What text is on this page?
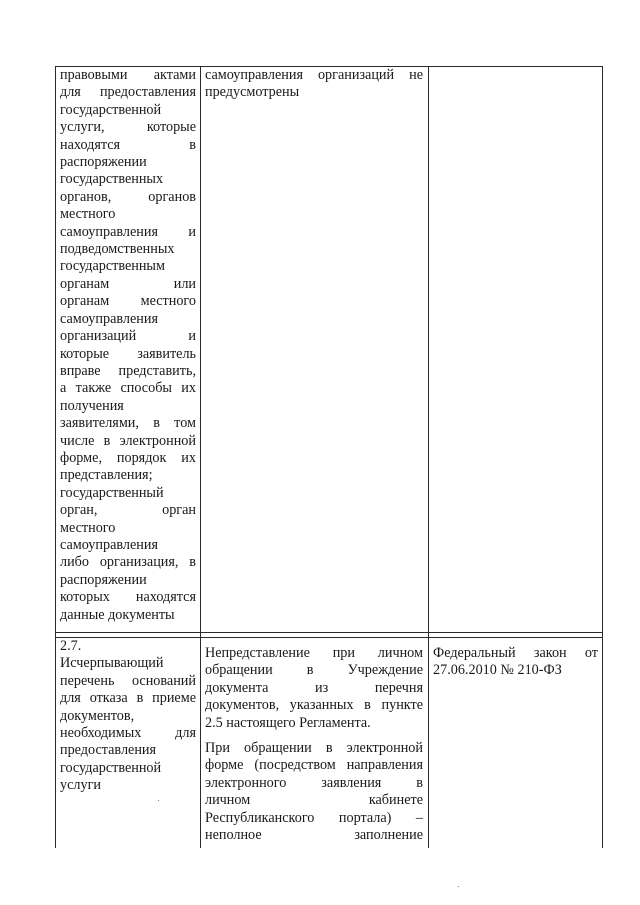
правовыми актами

для предоставления

государственной

услуги, которые

находятся в

распоряжении

государственных

органов, органов

местного

самоуправления и

подведомственных

государственным

органам или

органам местного

самоуправления

организаций и

которые заявитель

вправе представить,

а также способы их

получения

заявителями, в том

числе в электронной

форме, порядок их

представления;

государственный

орган, орган

местного

самоуправления

либо организация, в

распоряжении

которых находятся

данные документы

самоуправления организаций не

предусмотрены

2.7.

Исчерпывающий

перечень оснований

для отказа в приеме

документов,

необходимых для

предоставления

государственной

услуги

Непредставление при личном

обращении в Учреждение

документа из перечня

документов, указанных в пункте

2.5 настоящего Регламента.

При обращении в электронной

форме (посредством направления

электронного заявления в

личном кабинете

Республиканского портала) –

неполное заполнение

Федеральный закон от

27.06.2010 № 210-ФЗ
